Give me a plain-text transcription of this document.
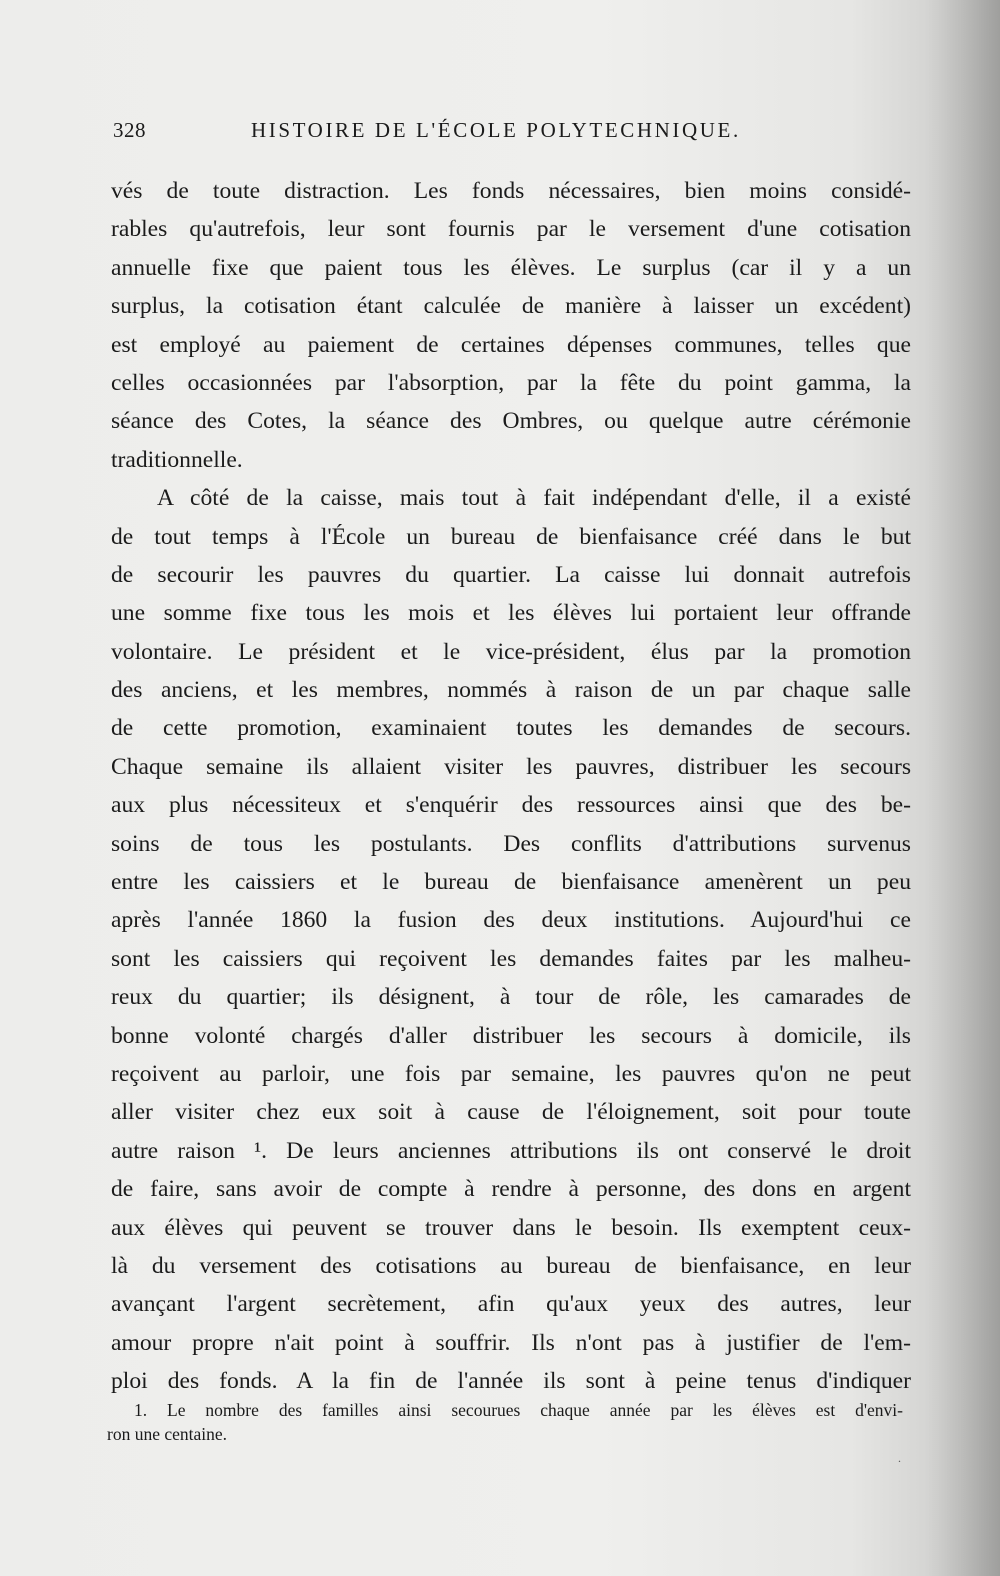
328	HISTOIRE DE L'ÉCOLE POLYTECHNIQUE.

vés de toute distraction. Les fonds nécessaires, bien moins considé-
rables qu'autrefois, leur sont fournis par le versement d'une cotisation
annuelle fixe que paient tous les élèves. Le surplus (car il y a un
surplus, la cotisation étant calculée de manière à laisser un excédent)
est employé au paiement de certaines dépenses communes, telles que
celles occasionnées par l'absorption, par la fête du point gamma, la
séance des Cotes, la séance des Ombres, ou quelque autre cérémonie
traditionnelle.

A côté de la caisse, mais tout à fait indépendant d'elle, il a existé
de tout temps à l'École un bureau de bienfaisance créé dans le but
de secourir les pauvres du quartier. La caisse lui donnait autrefois
une somme fixe tous les mois et les élèves lui portaient leur offrande
volontaire. Le président et le vice-président, élus par la promotion
des anciens, et les membres, nommés à raison de un par chaque salle
de cette promotion, examinaient toutes les demandes de secours.
Chaque semaine ils allaient visiter les pauvres, distribuer les secours
aux plus nécessiteux et s'enquérir des ressources ainsi que des be-
soins de tous les postulants. Des conflits d'attributions survenus
entre les caissiers et le bureau de bienfaisance amenèrent un peu
après l'année 1860 la fusion des deux institutions. Aujourd'hui ce
sont les caissiers qui reçoivent les demandes faites par les malheu-
reux du quartier; ils désignent, à tour de rôle, les camarades de
bonne volonté chargés d'aller distribuer les secours à domicile, ils
reçoivent au parloir, une fois par semaine, les pauvres qu'on ne peut
aller visiter chez eux soit à cause de l'éloignement, soit pour toute
autre raison ¹. De leurs anciennes attributions ils ont conservé le droit
de faire, sans avoir de compte à rendre à personne, des dons en argent
aux élèves qui peuvent se trouver dans le besoin. Ils exemptent ceux-
là du versement des cotisations au bureau de bienfaisance, en leur
avançant l'argent secrètement, afin qu'aux yeux des autres, leur
amour propre n'ait point à souffrir. Ils n'ont pas à justifier de l'em-
ploi des fonds. A la fin de l'année ils sont à peine tenus d'indiquer

1. Le nombre des familles ainsi secourues chaque année par les élèves est d'envi-
ron une centaine.
.
